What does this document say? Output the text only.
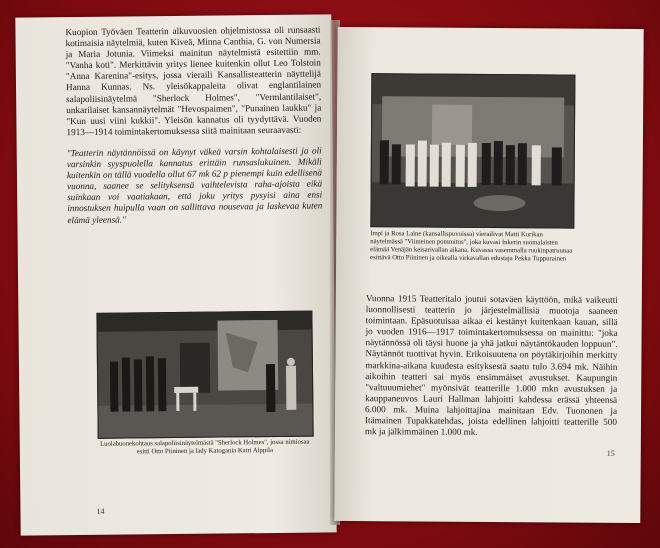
Kuopion Työväen Teatterin alkuvuosien ohjelmistossa oli runsaasti kotimaisia näytelmiä, kuten Kiveä, Minna Canthia, G. von Numersia ja Maria Jotunia. Viimeksi mainitun näytelmistä esitettiin mm. "Vanha koti". Merkittävin yritys lienee kuitenkin ollut Leo Tolstoin "Anna Karenina"-esitys, jossa vieraili Kansallisteatterin näyttelijä Hanna Kunnas. Ns. yleisökappaleita olivat englantilainen salapoliisinäytelmä "Sherlock Holmes", "Vermlantilaiset", unkarilaiset kansannäytelmät "Hevospaimen", "Punainen laukku" ja "Kun uusi viini kukkii". Yleisön kannatus oli tyydyttävä. Vuoden 1913—1914 toimintakertomuksessa siitä mainitaan seuraavasti:

"Teatterin näytännöissä on käynyt väkeä varsin kohtalaisesti ja oli varsinkin syyspuolella kannatus erittäin runsaslukuinen. Mikäli kuitenkin on tällä vuodella ollut 67 mk 62 p pienempi kuin edellisenä vuonna, saanee se selityksensä vaihtelevista raha-ajoista eikä suinkaan voi vaatiakaan, että joku yritys pysyisi aina ensi innostuksen huipulla vaan on sallittava nousevaa ja laskevaa kuten elämä yleensä."

Luolabuonekohtaus salapoliisinäytelmästä "Sherlock Holmes", jossa nimiosaa esitti Otto Piininen ja lady Katogania Katri Alppila
14
Impi ja Rosa Laine (kansallispuvuissa) vierailivat Matti Kurikan näytelmässä "Viimeinen pommitus", joka kuvasi Inkerin suomalaisten elämää Venäjän keisarivallan aikana. Kuvassa vasemmalla ruukinpatruunaa esittävä Otto Piininen ja oikealla virkavallan edustaja Pekka Tuppurainen

Vuonna 1915 Teatteritalo joutui sotaväen käyttöön, mikä vaikeutti luonnollisesti teatterin jo järjestelmällisiä muotoja saaneen toimintaan. Epäsuotuisaa aikaa ei kestänyt kuitenkaan kauan, sillä jo vuoden 1916—1917 toimintakertomuksessa on mainittu: "joka näytännössä oli täysi huone ja yhä jatkui näytäntökauden loppuun". Näytännöt tuottivat hyvin. Erikoisuutena on pöytäkirjoihin merkitty markkina-aikana kuudesta esityksestä saatu tulo 3.694 mk. Näihin aikoihin teatteri sai myös ensimmäiset avustukset. Kaupungin "valtuuumiehet" myönsivät teatterille 1.000 mkn avustuksen ja kauppaneuvos Lauri Hallman lahjoitti kahdessa erässä yhteensä 6.000 mk. Muina lahjoittajina mainitaan Edv. Tuononen ja Itämainen Tupakkatehdas, joista edellinen lahjoitti teatterille 500 mk ja jälkimmäinen 1.000 mk.

15
